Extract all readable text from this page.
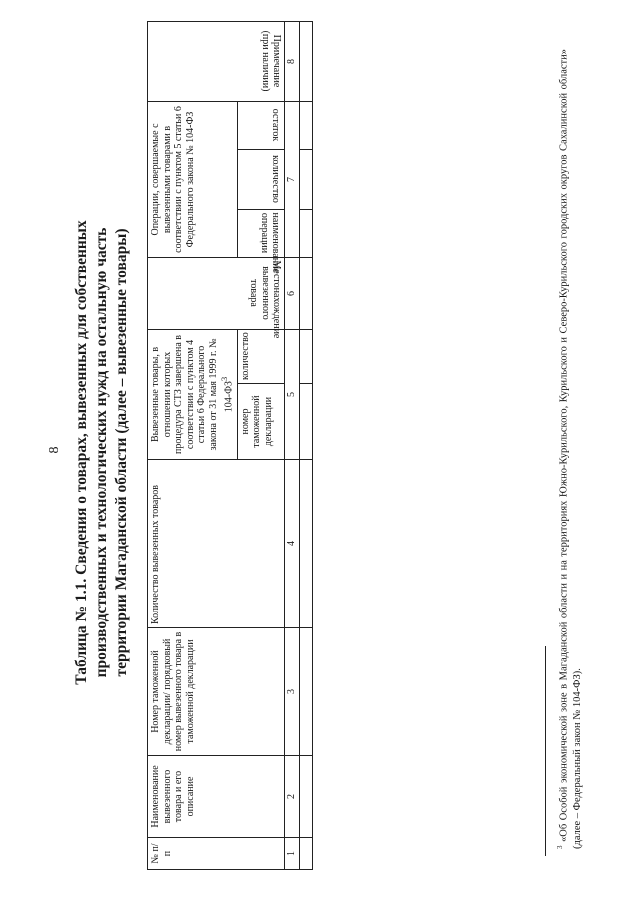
8 Таблица № 1.1. Сведения о товарах, вывезенных для собственных производственных и технологических нужд на остальную часть территории Магаданской области (далее – вывезенные товары)
№ п/п	Наименование вывезенного товара и его описание	Номер таможенной декларации/ порядковый номер вывезенного товара в таможенной декларации	Количество вывезенных товаров	Вывезенные товары, в отношении которых процедура СТЗ завершена в соответствии с пунктом 4 статьи 6 Федерального закона от 31 мая 1999 г. № $104-ФЗ^3$		Местонахождение вывезенного товара	Операции, совершаемые с вывезенными товарами в соответствии с пунктом 5 статьи 6 Федерального закона № 104-ФЗ			Примечание (при наличии)

				номер таможенной декларации	количество		наименование операции	количество	остаток	

1	2	3	4	5		6	7			8

$^3$ «Об Особой экономической зоне в Магаданской области и на территориях Южно-Курильского, Курильского и Северо-Курильского городских округов Сахалинской области» (далее – Федеральный закон № 104-ФЗ).
